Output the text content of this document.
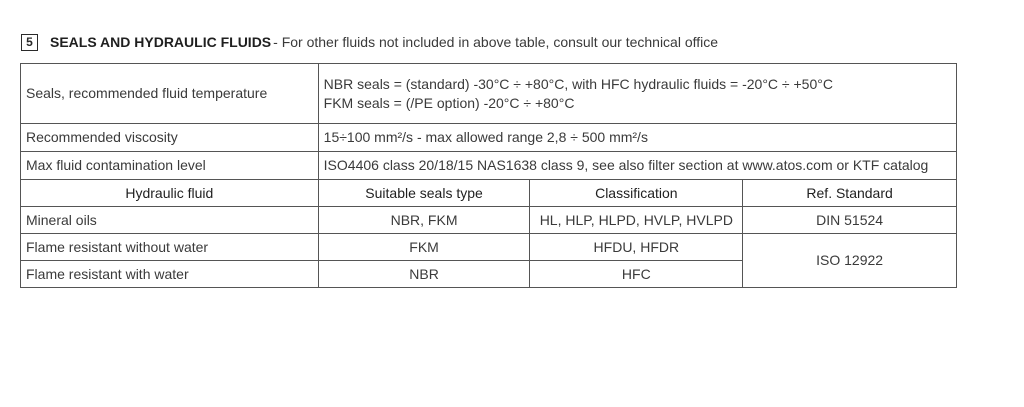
5	SEALS AND HYDRAULIC FLUIDS - For other fluids not included in above table, consult our technical office
Seals, recommended fluid temperature	NBR seals = (standard) -30°C ÷ +80°C, with HFC hydraulic fluids = -20°C ÷ +50°C
FKM seals = (/PE option) -20°C ÷ +80°C		

Recommended viscosity	15÷100 mm²/s - max allowed range 2,8 ÷ 500 mm²/s		
Max fluid contamination level	ISO4406 class 20/18/15 NAS1638 class 9, see also filter section at www.atos.com or KTF catalog		
Hydraulic fluid	Suitable seals type	Classification	Ref. Standard
Mineral oils	NBR, FKM	HL, HLP, HLPD, HVLP, HVLPD	DIN 51524
Flame resistant without water	FKM	HFDU, HFDR	ISO 12922
Flame resistant with water	NBR	HFC	
